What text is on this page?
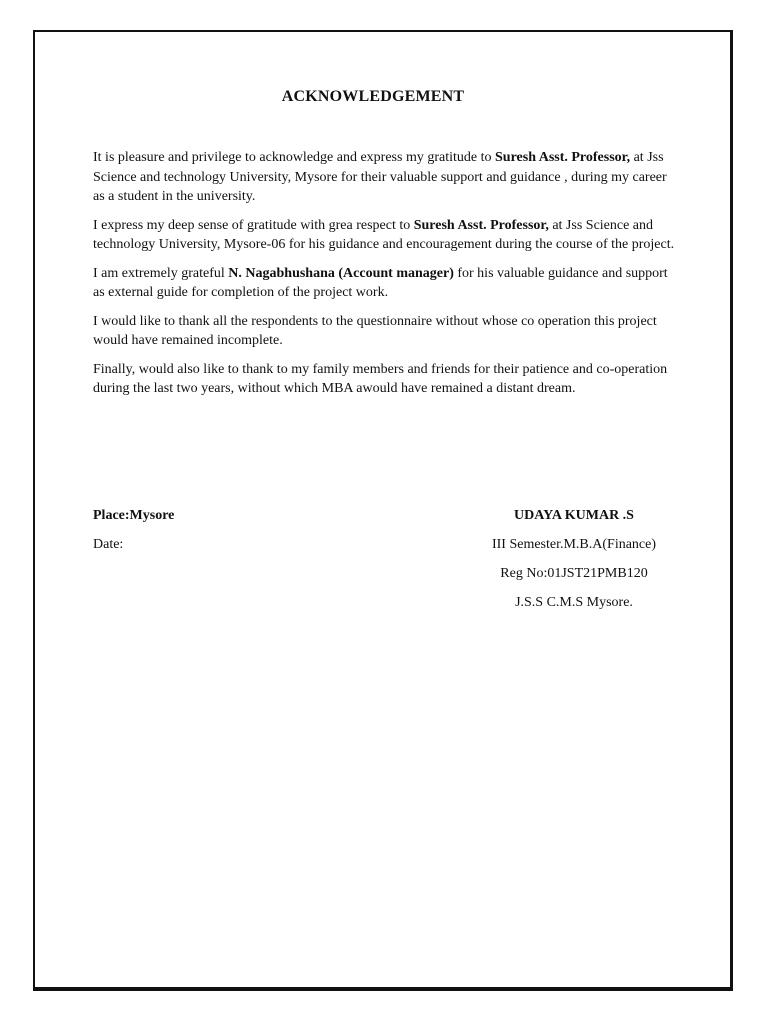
ACKNOWLEDGEMENT

It is pleasure and privilege to acknowledge and express my gratitude to Suresh Asst. Professor, at Jss Science and technology University, Mysore for their valuable support and guidance , during my career as a student in the university.

I express my deep sense of gratitude with grea respect to Suresh Asst. Professor, at Jss Science and technology University, Mysore-06 for his guidance and encouragement during the course of the project.

I am extremely grateful N. Nagabhushana (Account manager) for his valuable guidance and support as external guide for completion of the project work.

I would like to thank all the respondents to the questionnaire without whose co operation this project would have remained incomplete.

Finally, would also like to thank to my family members and friends for their patience and co-operation during the last two years, without which MBA awould have remained a distant dream.

Place:Mysore
Date:
UDAYA KUMAR .S
III Semester.M.B.A(Finance)
Reg No:01JST21PMB120
J.S.S C.M.S Mysore.
